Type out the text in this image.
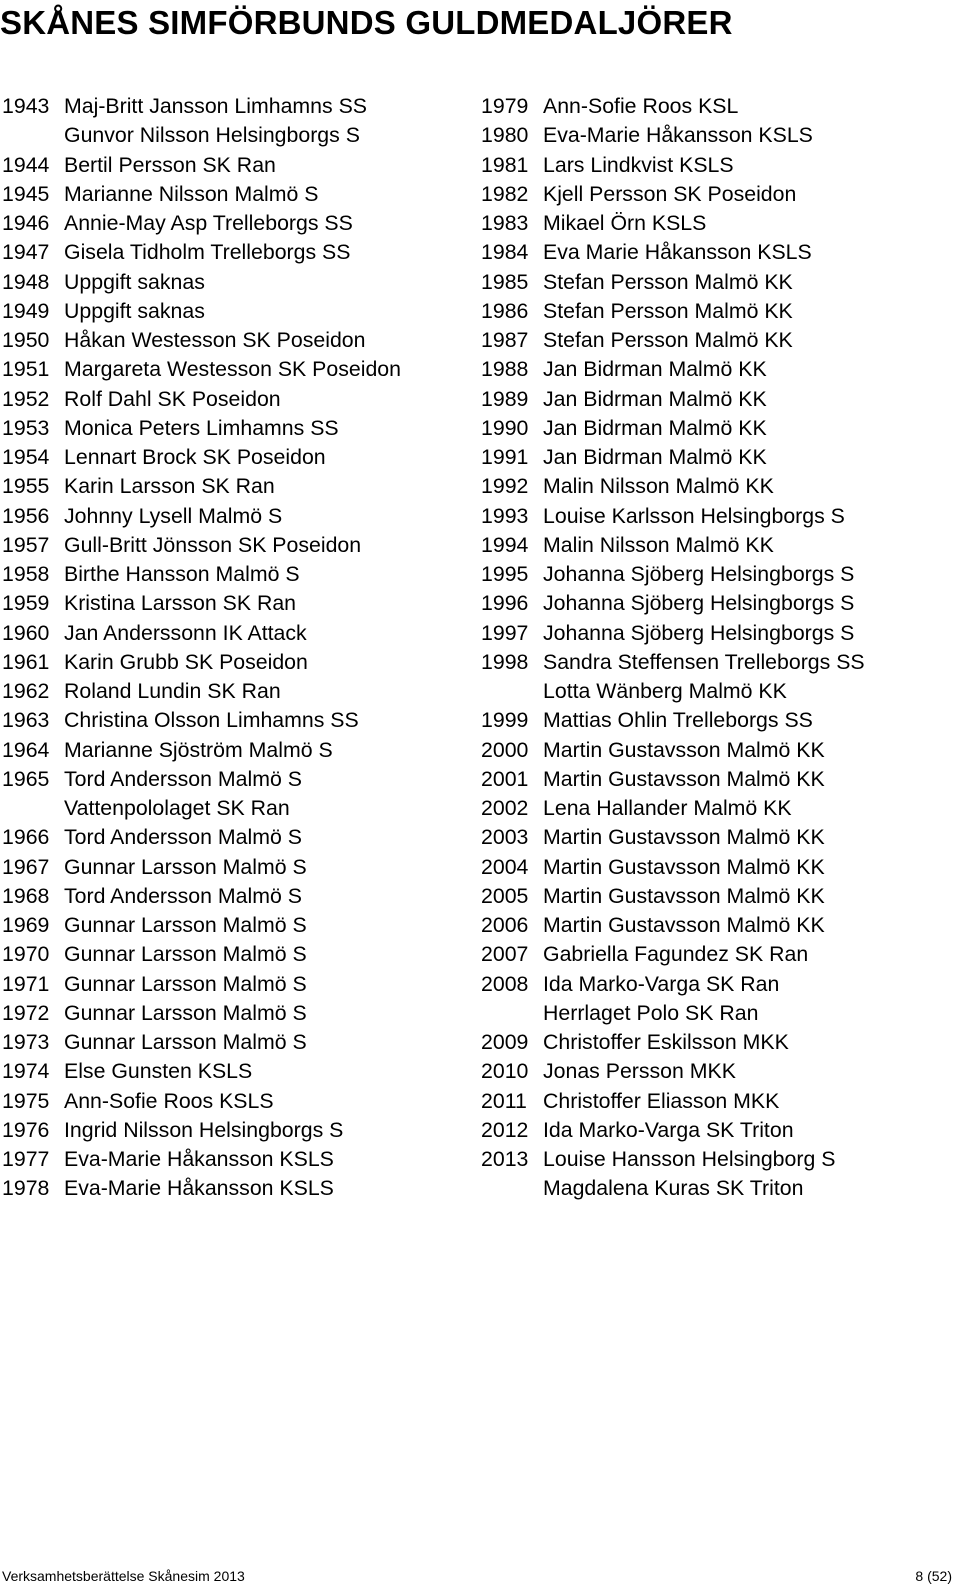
SKÅNES SIMFÖRBUNDS GULDMEDALJÖRER
1943 Maj-Britt Jansson Limhamns SS
Gunvor Nilsson Helsingborgs S
1944 Bertil Persson SK Ran
1945 Marianne Nilsson Malmö S
1946 Annie-May Asp Trelleborgs SS
1947 Gisela Tidholm Trelleborgs SS
1948 Uppgift saknas
1949 Uppgift saknas
1950 Håkan Westesson SK Poseidon
1951 Margareta Westesson SK Poseidon
1952 Rolf Dahl SK Poseidon
1953 Monica Peters Limhamns SS
1954 Lennart Brock SK Poseidon
1955 Karin Larsson SK Ran
1956 Johnny Lysell Malmö S
1957 Gull-Britt Jönsson SK Poseidon
1958 Birthe Hansson Malmö S
1959 Kristina Larsson SK Ran
1960 Jan Anderssonn IK Attack
1961 Karin Grubb SK Poseidon
1962 Roland Lundin SK Ran
1963 Christina Olsson Limhamns SS
1964 Marianne Sjöström Malmö S
1965 Tord Andersson Malmö S
Vattenpololaget SK Ran
1966 Tord Andersson Malmö S
1967 Gunnar Larsson Malmö S
1968 Tord Andersson Malmö S
1969 Gunnar Larsson Malmö S
1970 Gunnar Larsson Malmö S
1971 Gunnar Larsson Malmö S
1972 Gunnar Larsson Malmö S
1973 Gunnar Larsson Malmö S
1974 Else Gunsten KSLS
1975 Ann-Sofie Roos KSLS
1976 Ingrid Nilsson Helsingborgs S
1977 Eva-Marie Håkansson KSLS
1978 Eva-Marie Håkansson KSLS
1979 Ann-Sofie Roos KSL
1980 Eva-Marie Håkansson KSLS
1981 Lars Lindkvist KSLS
1982 Kjell Persson SK Poseidon
1983 Mikael Örn KSLS
1984 Eva Marie Håkansson KSLS
1985 Stefan Persson Malmö KK
1986 Stefan Persson Malmö KK
1987 Stefan Persson Malmö KK
1988 Jan Bidrman Malmö KK
1989 Jan Bidrman Malmö KK
1990 Jan Bidrman Malmö KK
1991 Jan Bidrman Malmö KK
1992 Malin Nilsson Malmö KK
1993 Louise Karlsson Helsingborgs S
1994 Malin Nilsson Malmö KK
1995 Johanna Sjöberg Helsingborgs S
1996 Johanna Sjöberg Helsingborgs S
1997 Johanna Sjöberg Helsingborgs S
1998 Sandra Steffensen Trelleborgs SS
Lotta Wänberg Malmö KK
1999 Mattias Ohlin Trelleborgs SS
2000 Martin Gustavsson Malmö KK
2001 Martin Gustavsson Malmö KK
2002 Lena Hallander Malmö KK
2003 Martin Gustavsson Malmö KK
2004 Martin Gustavsson Malmö KK
2005 Martin Gustavsson Malmö KK
2006 Martin Gustavsson Malmö KK
2007 Gabriella Fagundez SK Ran
2008 Ida Marko-Varga SK Ran
Herrlaget Polo SK Ran
2009 Christoffer Eskilsson MKK
2010 Jonas Persson MKK
2011 Christoffer Eliasson MKK
2012 Ida Marko-Varga SK Triton
2013 Louise Hansson Helsingborg S
Magdalena Kuras SK Triton
Verksamhetsberättelse Skånesim 2013	8 (52)
